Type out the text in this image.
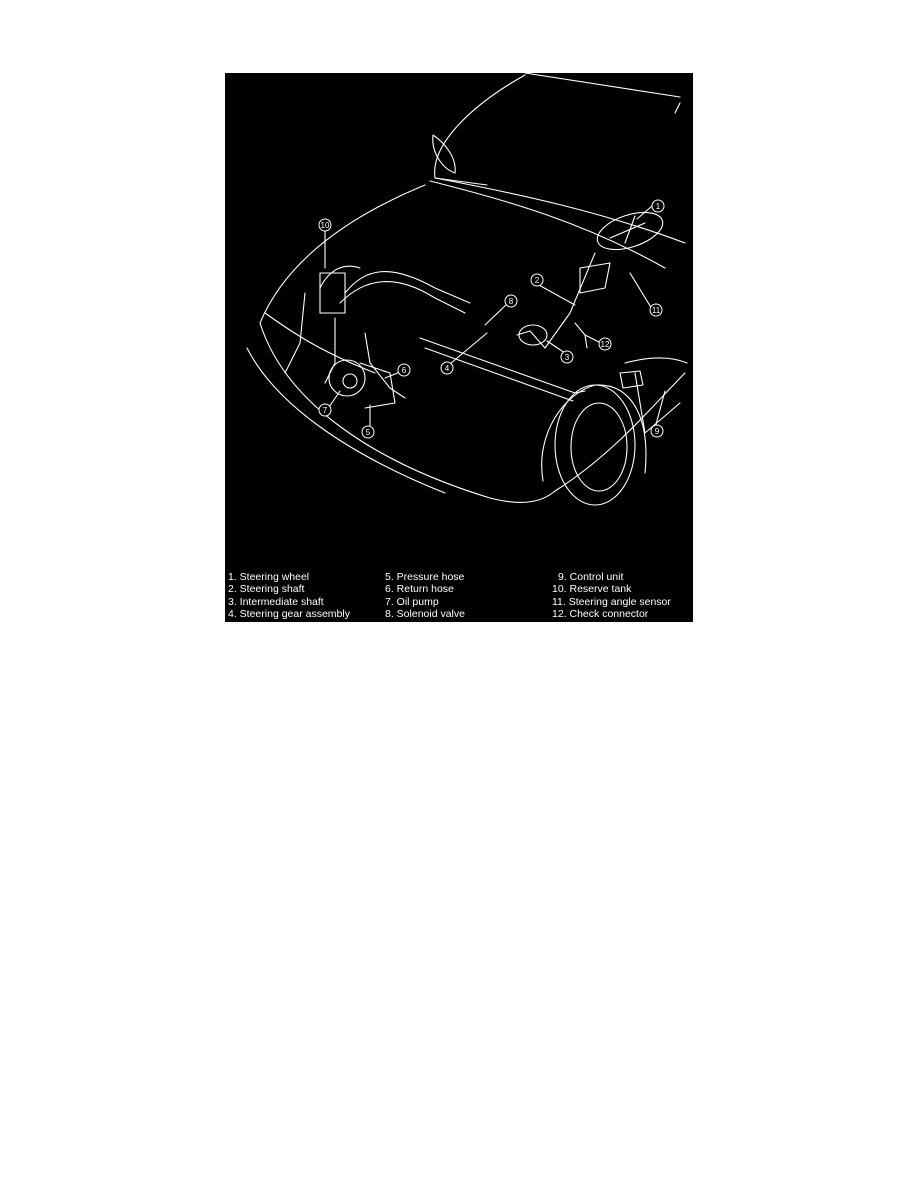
1
2
3
4
5
6
7
8
9
10
11
12
1. Steering wheel
2. Steering shaft
3. Intermediate shaft
4. Steering gear assembly
5. Pressure hose
6. Return hose
7. Oil pump
8. Solenoid valve
9. Control unit
10. Reserve tank
11. Steering angle sensor
12. Check connector
